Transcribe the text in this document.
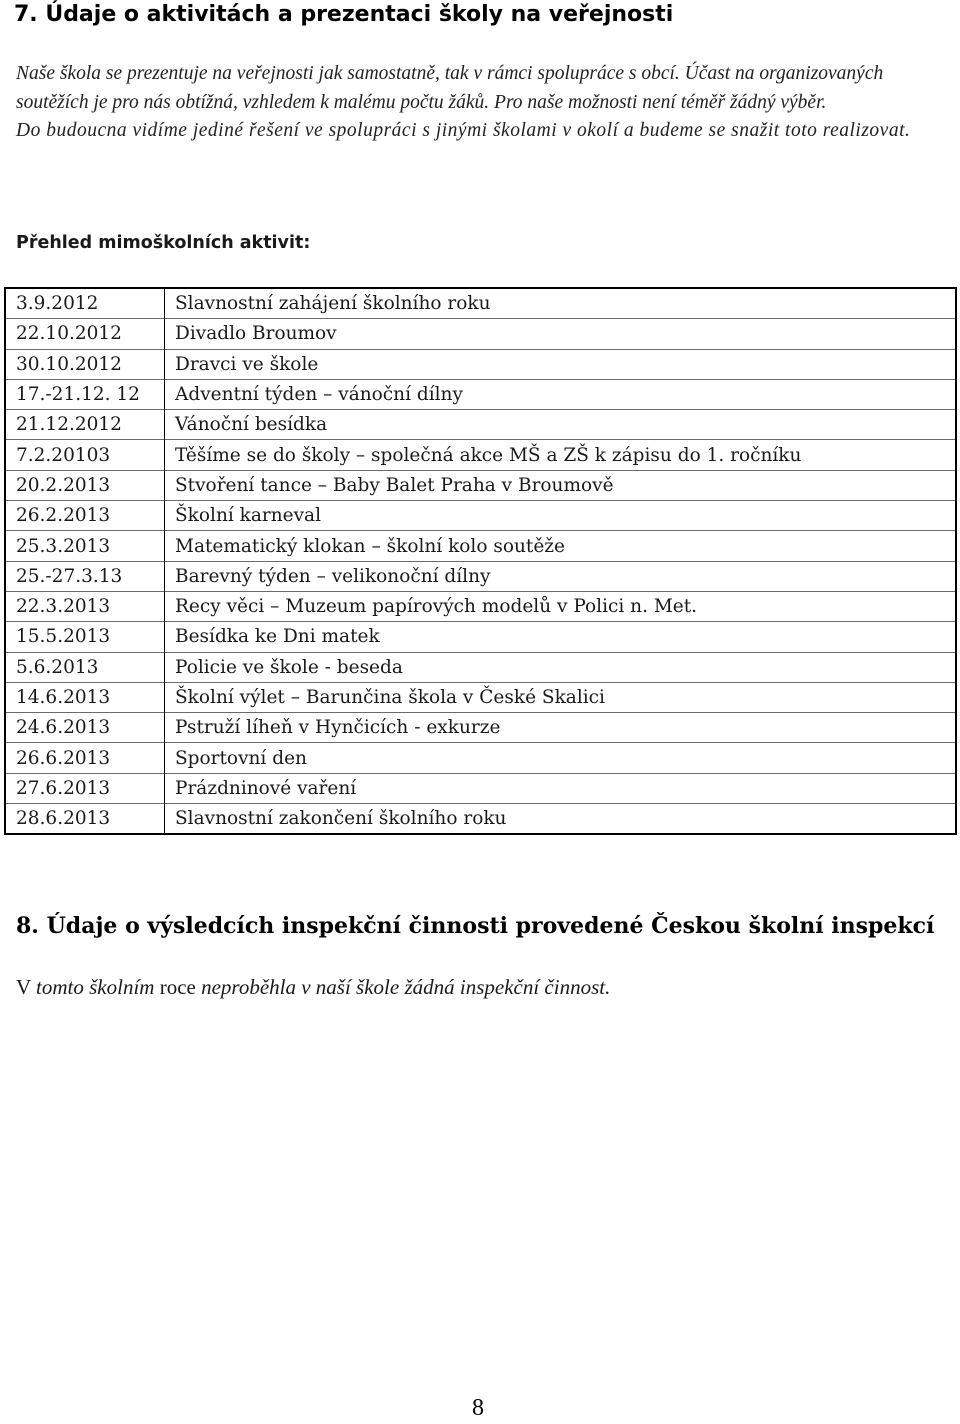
7. Údaje o aktivitách a prezentaci školy na veřejnosti

Naše škola se prezentuje na veřejnosti jak samostatně, tak v rámci spolupráce s obcí. Účast na organizovaných soutěžích je pro nás obtížná, vzhledem k malému počtu žáků. Pro naše možnosti není téměř žádný výběr.

Do budoucna vidíme jediné řešení ve spolupráci s jinými školami v okolí a budeme se snažit toto realizovat.

Přehled mimoškolních aktivit:
3.9.2012	Slavnostní zahájení školního roku
22.10.2012	Divadlo Broumov
30.10.2012	Dravci ve škole
17.-21.12. 12	Adventní týden – vánoční dílny
21.12.2012	Vánoční besídka
7.2.20103	Těšíme se do školy – společná akce MŠ a ZŠ k zápisu do 1. ročníku
20.2.2013	Stvoření tance – Baby Balet Praha v Broumově
26.2.2013	Školní karneval
25.3.2013	Matematický klokan – školní kolo soutěže
25.-27.3.13	Barevný týden – velikonoční dílny
22.3.2013	Recy věci – Muzeum papírových modelů v Polici n. Met.
15.5.2013	Besídka ke Dni matek
5.6.2013	Policie ve škole - beseda
14.6.2013	Školní výlet – Barunčina škola v České Skalici
24.6.2013	Pstruží líheň v Hynčicích - exkurze
26.6.2013	Sportovní den
27.6.2013	Prázdninové vaření
28.6.2013	Slavnostní zakončení školního roku
8. Údaje o výsledcích inspekční činnosti provedené Českou školní inspekcí
V tomto školním roce neproběhla v naší škole žádná inspekční činnost.
8
